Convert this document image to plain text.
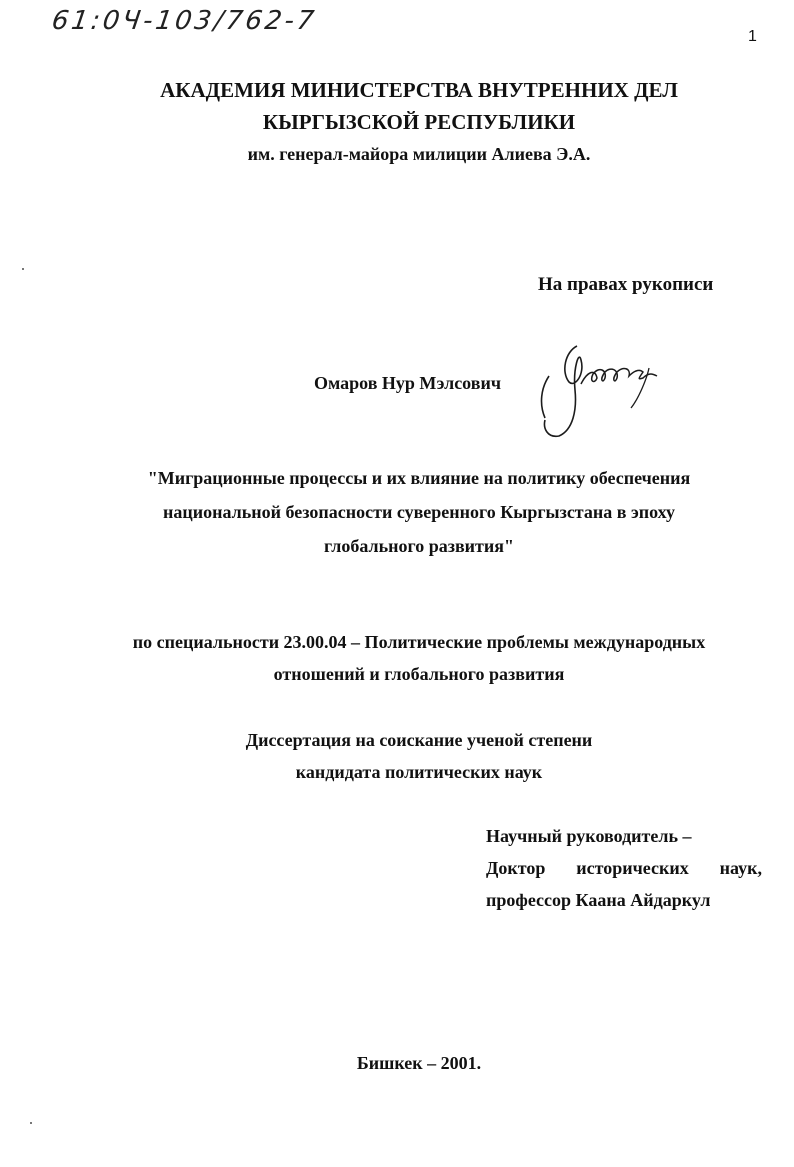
61:0Ч-103/762-7
1
АКАДЕМИЯ МИНИСТЕРСТВА ВНУТРЕННИХ ДЕЛ
КЫРГЫЗСКОЙ РЕСПУБЛИКИ
им. генерал-майора милиции Алиева Э.А.
На правах рукописи
Омаров Нур Мэлсович
"Миграционные процессы и их влияние на политику обеспечения
национальной безопасности суверенного Кыргызстана в эпоху
глобального развития"
по специальности 23.00.04 – Политические проблемы международных
отношений и глобального развития
Диссертация на соискание ученой степени
кандидата политических наук
Научный руководитель –
Доктор исторических наук,
профессор Каана Айдаркул
Бишкек – 2001.
